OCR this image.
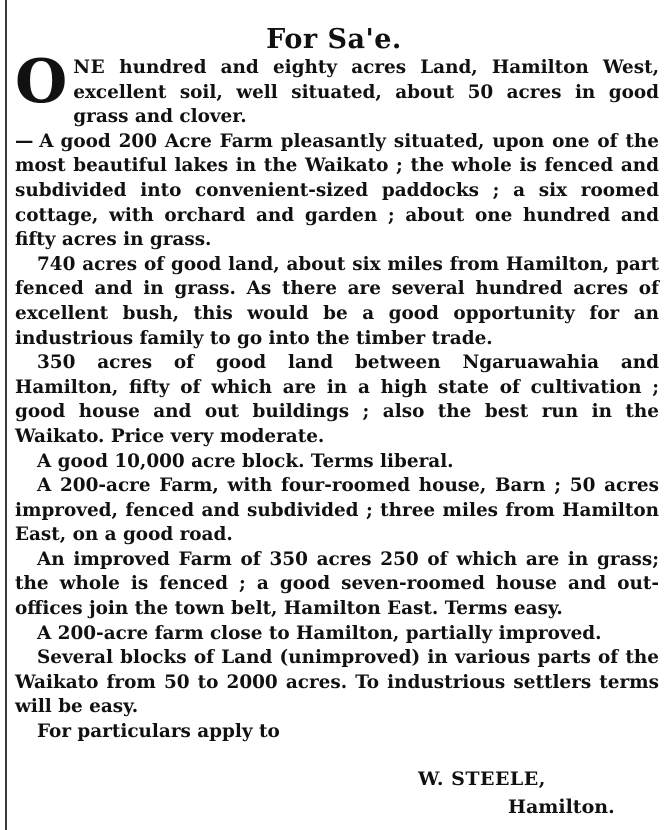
For Sa'e.

ONE hundred and eighty acres Land, Hamilton West, excellent soil, well situated, about 50 acres in good grass and clover.

— A good 200 Acre Farm pleasantly situated, upon one of the most beautiful lakes in the Waikato ; the whole is fenced and subdivided into convenient-sized paddocks ; a six roomed cottage, with orchard and garden ; about one hundred and fifty acres in grass.

740 acres of good land, about six miles from Hamilton, part fenced and in grass. As there are several hundred acres of excellent bush, this would be a good opportunity for an industrious family to go into the timber trade.

350 acres of good land between Ngaruawahia and Hamilton, fifty of which are in a high state of cultivation ; good house and out buildings ; also the best run in the Waikato. Price very moderate.

A good 10,000 acre block. Terms liberal.

A 200-acre Farm, with four-roomed house, Barn ; 50 acres improved, fenced and subdivided ; three miles from Hamilton East, on a good road.

An improved Farm of 350 acres 250 of which are in grass; the whole is fenced ; a good seven-roomed house and out-offices join the town belt, Hamilton East. Terms easy.

A 200-acre farm close to Hamilton, partially improved.

Several blocks of Land (unimproved) in various parts of the Waikato from 50 to 2000 acres. To industrious settlers terms will be easy.

For particulars apply to

W. STEELE,
Hamilton.
